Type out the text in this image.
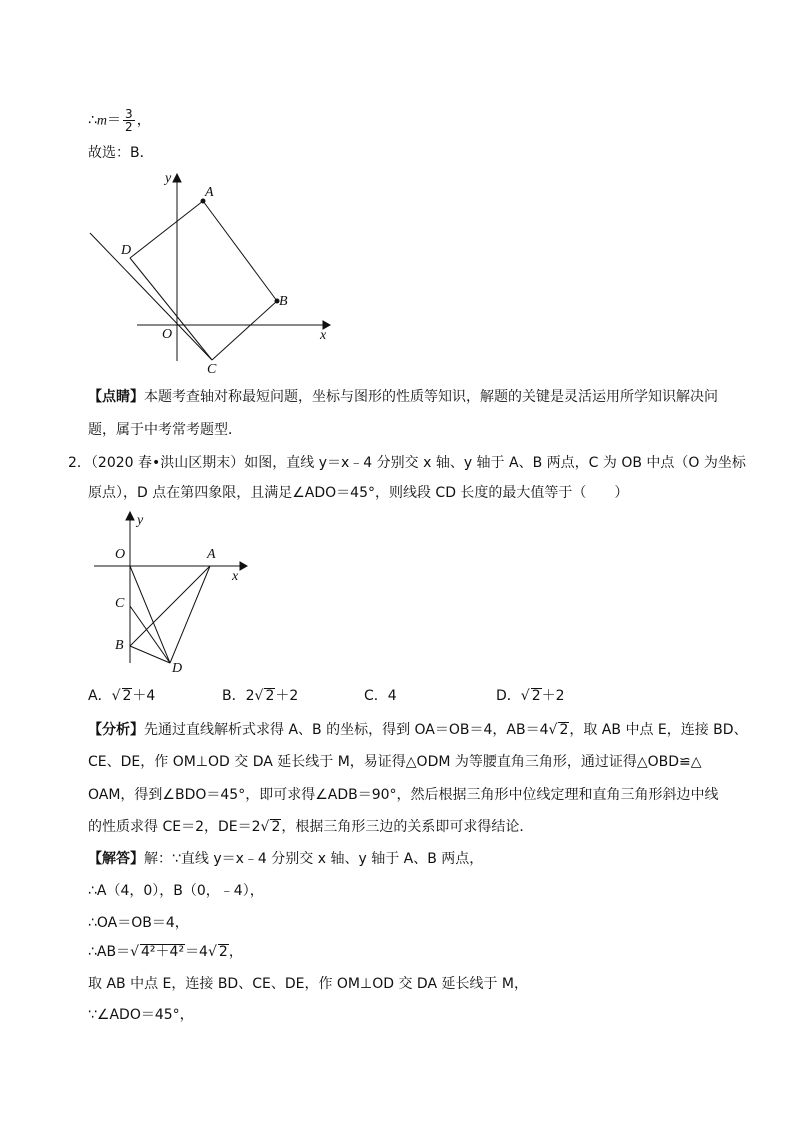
∴m＝ $\frac{3}{2}$ ，
故选：B．
A
B
C
D
O	x
y
【点睛】本题考查轴对称最短问题，坐标与图形的性质等知识，解题的关键是灵活运用所学知识解决问
题，属于中考常考题型．
2．（2020 春•洪山区期末）如图，直线 y＝x﹣4 分别交 x 轴、y 轴于 A、B 两点，C 为 OB 中点（O 为坐标
原点），D 点在第四象限，且满足∠ADO＝45°，则线段 CD 长度的最大值等于（　　）
O	A
C
B
D
x
y
A．√ 2＋4	B．2√ 2＋2	C．4	D．√ 2＋2
【分析】先通过直线解析式求得 A、B 的坐标，得到 OA＝OB＝4，AB＝4√ 2，取 AB 中点 E，连接 BD、
CE、DE，作 OM⊥OD 交 DA 延长线于 M，易证得△ODM 为等腰直角三角形，通过证得△OBD≌△
OAM，得到∠BDO＝45°，即可求得∠ADB＝90°，然后根据三角形中位线定理和直角三角形斜边中线
的性质求得 CE＝2，DE＝2√ 2，根据三角形三边的关系即可求得结论．
【解答】解：∵直线 y＝x﹣4 分别交 x 轴、y 轴于 A、B 两点，
∴A（4，0），B（0，﹣4），
∴OA＝OB＝4，
∴AB＝√ 4²＋4²＝4√ 2，
取 AB 中点 E，连接 BD、CE、DE，作 OM⊥OD 交 DA 延长线于 M，
∵∠ADO＝45°，
